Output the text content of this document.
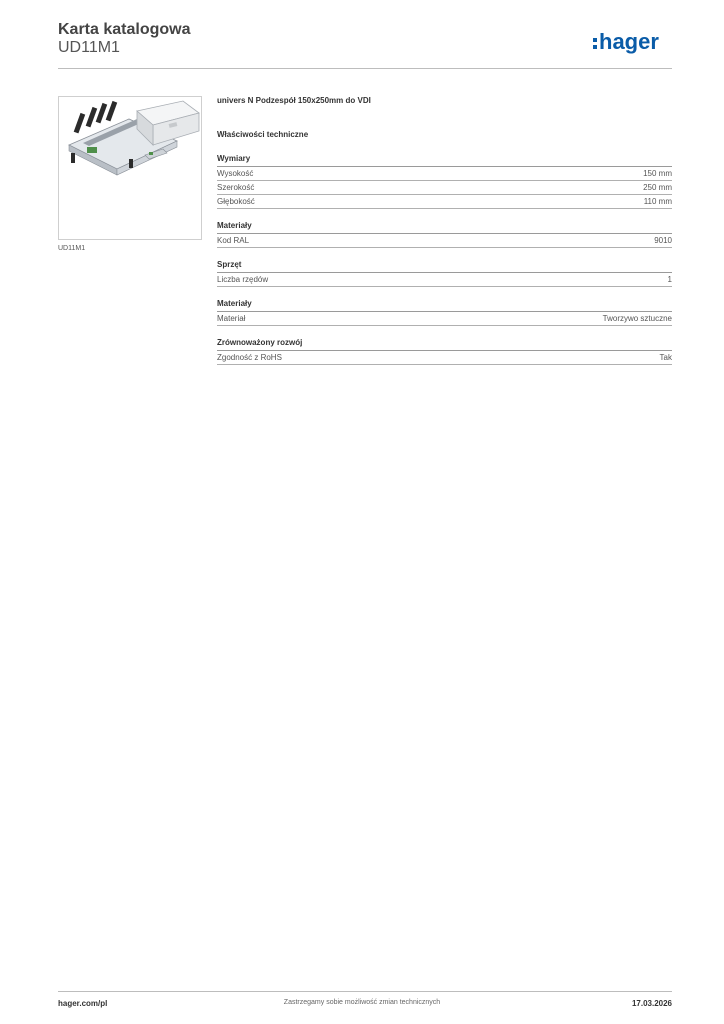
Karta katalogowa
UD11M1	hager
UD11M1
univers N Podzespół 150x250mm do VDI
Właściwości techniczne
Wymiary
Wysokość	150 mm
Szerokość	250 mm
Głębokość	110 mm
Materiały
Kod RAL	9010
Sprzęt
Liczba rzędów	1
Materiały
Materiał	Tworzywo sztuczne
Zrównoważony rozwój
Zgodność z RoHS	Tak
hager.com/pl	Zastrzegamy sobie możliwość zmian technicznych	17.03.2026
